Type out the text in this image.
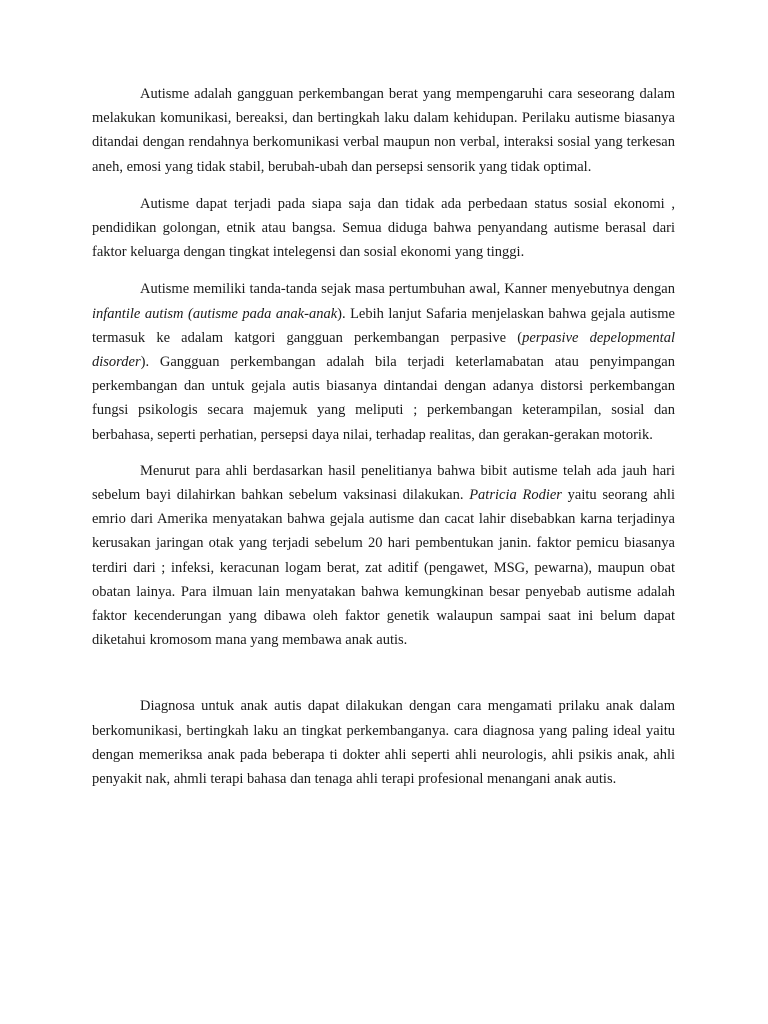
Autisme adalah gangguan perkembangan berat yang mempengaruhi cara seseorang dalam melakukan komunikasi, bereaksi, dan bertingkah laku dalam kehidupan. Perilaku autisme biasanya ditandai dengan rendahnya berkomunikasi verbal maupun non verbal, interaksi sosial yang terkesan aneh, emosi yang tidak stabil, berubah-ubah dan persepsi sensorik yang tidak optimal.

Autisme dapat terjadi pada siapa saja dan tidak ada perbedaan status sosial ekonomi , pendidikan golongan, etnik atau bangsa. Semua diduga bahwa penyandang autisme berasal dari faktor keluarga dengan tingkat intelegensi dan sosial ekonomi yang tinggi.

Autisme memiliki tanda-tanda sejak masa pertumbuhan awal, Kanner menyebutnya dengan infantile autism (autisme pada anak-anak). Lebih lanjut Safaria menjelaskan bahwa gejala autisme termasuk ke adalam katgori gangguan perkembangan perpasive (perpasive depelopmental disorder). Gangguan perkembangan adalah bila terjadi keterlamabatan atau penyimpangan perkembangan dan untuk gejala autis biasanya dintandai dengan adanya distorsi perkembangan fungsi psikologis secara majemuk yang meliputi ; perkembangan keterampilan, sosial dan berbahasa, seperti perhatian, persepsi daya nilai, terhadap realitas, dan gerakan-gerakan motorik.

Menurut para ahli berdasarkan hasil penelitianya bahwa bibit autisme telah ada jauh hari sebelum bayi dilahirkan bahkan sebelum vaksinasi dilakukan. Patricia Rodier yaitu seorang ahli emrio dari Amerika menyatakan bahwa gejala autisme dan cacat lahir disebabkan karna terjadinya kerusakan jaringan otak yang terjadi sebelum 20 hari pembentukan janin. faktor pemicu biasanya terdiri dari ; infeksi, keracunan logam berat, zat aditif (pengawet, MSG, pewarna), maupun obat obatan lainya. Para ilmuan lain menyatakan bahwa kemungkinan besar penyebab autisme adalah faktor kecenderungan yang dibawa oleh faktor genetik walaupun sampai saat ini belum dapat diketahui kromosom mana yang membawa anak autis.

Diagnosa untuk anak autis dapat dilakukan dengan cara mengamati prilaku anak dalam berkomunikasi, bertingkah laku an tingkat perkembanganya. cara diagnosa yang paling ideal yaitu dengan memeriksa anak pada beberapa ti dokter ahli seperti ahli neurologis, ahli psikis anak, ahli penyakit nak, ahmli terapi bahasa dan tenaga ahli terapi profesional menangani anak autis.
